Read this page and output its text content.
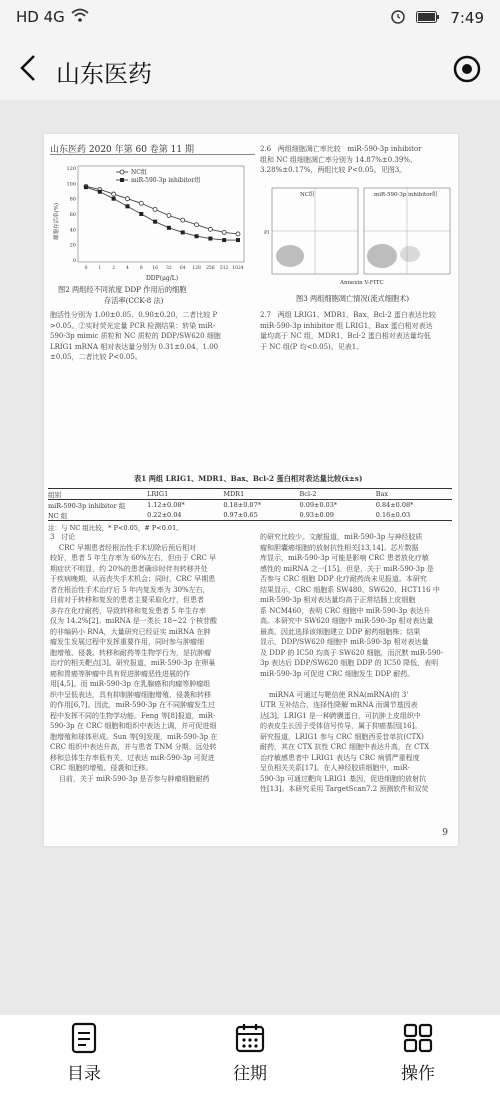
HD 4G	7:49
山东医药
山东医药 2020 年第 60 卷第 11 期
NC组
miR-590-3p inhibitor组
细胞存活率(%)
0
20
40
60
80
100
120
0 1 2 4 8 16 32 64 128 256 512 1024
DDP(μg/L)
图2 两组经不同浓度 DDP 作用后的细胞
存活率(CCK-8 法)
胞活性分别为 1.00±0.05、0.90±0.20，二者比较 P
>0.05。②实时荧光定量 PCR 检测结果：转染 miR-
590-3p mimic 质粒和 NC 质粒的 DDP/SW620 细胞
LRIG1 mRNA 相对表达量分别为 0.31±0.04、1.00
±0.05，二者比较 P<0.05。
2.6   两组细胞凋亡率比较   miR-590-3p inhibitor
组和 NC 组细胞凋亡率分别为 14.87%±0.39%、
3.28%±0.17%，两组比较 P<0.05。见图3。
NC组	miR-590-3p inhibitor组
PI
Annexin V-FITC
图3 两组细胞凋亡情况(流式细胞术)
2.7   两组 LRIG1、MDR1、Bax、Bcl-2 蛋白表达比较
miR-590-3p inhibitor 组 LRIG1、Bax 蛋白相对表达
量均高于 NC 组，MDR1、Bcl-2 蛋白相对表达量均低
于 NC 组(P 均<0.05)。见表1。
表1 两组 LRIG1、MDR1、Bax、Bcl-2 蛋白相对表达量比较(x̄±s)
组别	LRIG1	MDR1	Bcl-2	Bax
miR-590-3p inhibitor 组	1.12±0.08*	0.18±0.07*	0.09±0.03*	0.84±0.08*
NC 组	0.22±0.04	0.97±0.65	0.93±0.09	0.16±0.03
注：与 NC 组比较，* P<0.05，# P<0.01。
3   讨论
CRC 早期患者经根治性手术切除后预后相对
较好，患者 5 年生存率为 60%左右，但由于 CRC 早
期症状不明显，约 20%的患者确诊时伴有转移并处
于疾病晚期，从而丧失手术机会；同时，CRC 早期患
者在根治性手术治疗后 5 年内复发率为 30%左右，
目前对于转移和复发的患者主要采取化疗，但患者
多存在化疗耐药，导致转移和复发患者 5 年生存率
仅为 14.2%[2]。miRNA 是一类长 18~22 个核苷酸
的非编码小 RNA，大量研究已经证实 miRNA 在肿
瘤发生发展过程中发挥重要作用，同时参与肿瘤细
胞增殖、侵袭、转移和耐药等生物学行为，是抗肿瘤
治疗的相关靶点[3]。研究报道，miR-590-3p 在卵巢
癌和胃癌等肿瘤中具有促进肿瘤恶性进展的作
用[4,5]。而 miR-590-3p 在乳腺癌和肉瘤等肿瘤组
织中呈低表达，具有抑制肿瘤细胞增殖、侵袭和转移
的作用[6,7]。因此，miR-590-3p 在不同肿瘤发生过
程中发挥不同的生物学功能。Feng 等[8]报道，miR-
590-3p 在 CRC 细胞和组织中表达上调，并可促进细
胞增殖和球体形成。Sun 等[9]发现，miR-590-3p 在
CRC 组织中表达升高，并与患者 TNM 分期、远处转
移和总体生存率低有关，过表达 miR-590-3p 可促进
CRC 细胞的增殖、侵袭和迁移。
目前，关于 miR-590-3p 是否参与肿瘤细胞耐药
的研究比较少。文献报道，miR-590-3p 与神经胶质
瘤和胆囊癌细胞的放射抗性相关[13,14]。芯片数据
库显示，miR-590-3p 可能是影响 CRC 患者放化疗敏
感性的 miRNA 之一[15]。但是，关于 miR-590-3p 是
否参与 CRC 细胞 DDP 化疗耐药尚未见报道。本研究
结果显示，CRC 细胞系 SW480、SW620、HCT116 中
miR-590-3p 相对表达量均高于正常结肠上皮细胞
系 NCM460，表明 CRC 细胞中 miR-590-3p 表达升
高。本研究中 SW620 细胞中 miR-590-3p 相对表达量
最高，因此选择该细胞建立 DDP 耐药细胞株；结果
显示，DDP/SW620 细胞中 miR-590-3p 相对表达量
及 DDP 的 IC50 均高于 SW620 细胞，而沉默 miR-590-
3p 表达后 DDP/SW620 细胞 DDP 的 IC50 降低，表明
miR-590-3p 可促进 CRC 细胞发生 DDP 耐药。

miRNA 可通过与靶信使 RNA(mRNA)的 3'
UTR 互补结合，连择性降解 mRNA 而调节基因表
达[3]。LRIG1 是一种跨膜蛋白，可抗肿上皮组织中
的表皮生长因子受体信号传导，属于抑癌基因[16]。
研究报道，LRIG1 参与 CRC 细胞西妥昔单抗(CTX)
耐药，其在 CTX 抗性 CRC 细胞中表达升高，在 CTX
治疗敏感患者中 LRIG1 表达与 CRC 病情严重程度
呈负相关关系[17]。在人神经胶质细胞中，miR-
590-3p 可通过靶向 LRIG1 基因，促进细胞的放射抗
性[13]。本研究采用 TargetScan7.2 预测软件和双荧
9
目录	往期	操作
